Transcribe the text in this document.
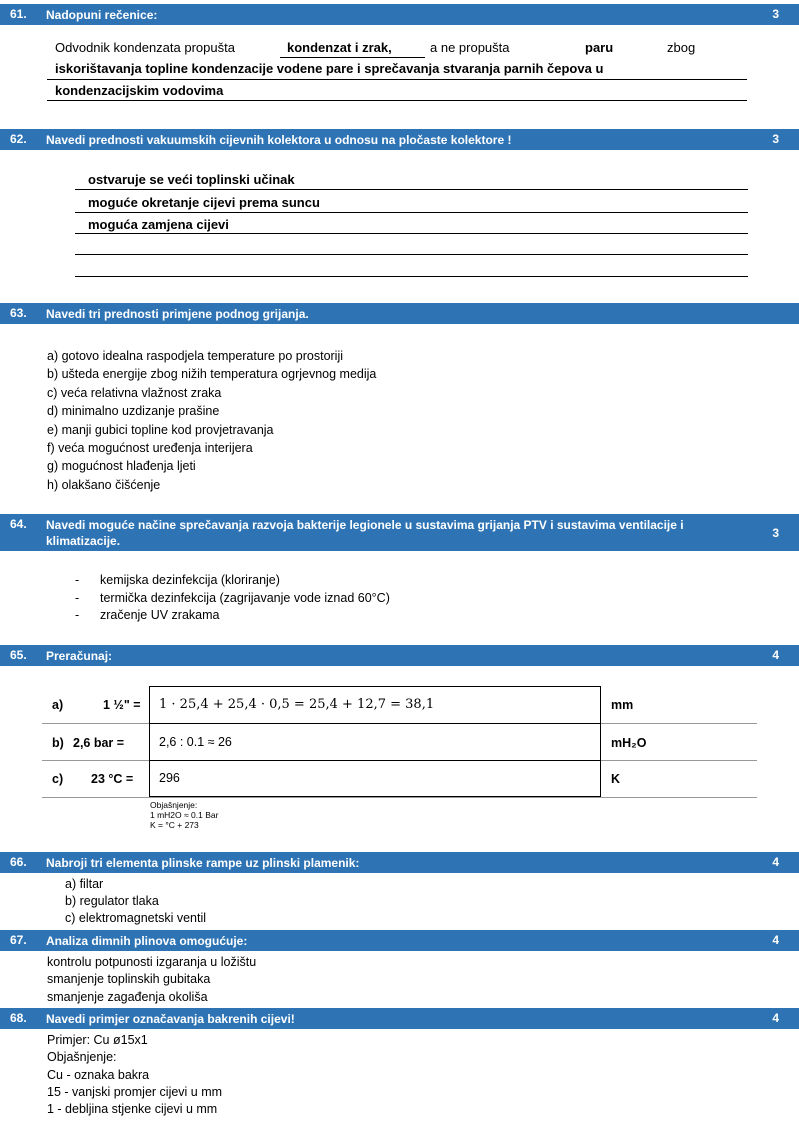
61. Nadopuni rečenice:	3
Odvodnik kondenzata propušta	kondenzat i zrak,	a ne propušta	paru	zbog
iskorištavanja topline kondenzacije vodene pare i sprečavanja stvaranja parnih čepova u
kondenzacijskim vodovima
62. Navedi prednosti vakuumskih cijevnih kolektora u odnosu na pločaste kolektore !	3
ostvaruje se veći toplinski učinak
moguće okretanje cijevi prema suncu
moguća zamjena cijevi
63. Navedi tri prednosti primjene podnog grijanja.
a) gotovo idealna raspodjela temperature po prostoriji
b) ušteda energije zbog nižih temperatura ogrjevnog medija
c) veća relativna vlažnost zraka
d) minimalno uzdizanje prašine
e) manji gubici topline kod provjetravanja
f) veća mogućnost uređenja interijera
g) mogućnost hlađenja ljeti
h) olakšano čišćenje
64. Navedi moguće načine sprečavanja razvoja bakterije legionele u sustavima grijanja PTV i sustavima ventilacije i
klimatizacije.
3
- kemijska dezinfekcija (kloriranje)
- termička dezinfekcija (zagrijavanje vode iznad 60°C)
- zračenje UV zrakama
65. Preračunaj:	4
a)	1 ½" = 1 · 25,4 + 25,4 · 0,5 = 25,4 + 12,7 = 38,1	mm
b) 2,6 bar =	2,6 : 0.1 ≈ 26	mH₂O
c) 23 °C = 296	K
Objašnjenje:
1 mH2O ≈ 0.1 Bar
K = °C + 273
66. Nabroji tri elementa plinske rampe uz plinski plamenik:	4
a) filtar
b) regulator tlaka
c) elektromagnetski ventil
67. Analiza dimnih plinova omogućuje:	4
kontrolu potpunosti izgaranja u ložištu
smanjenje toplinskih gubitaka
smanjenje zagađenja okoliša
68. Navedi primjer označavanja bakrenih cijevi!	4
Primjer: Cu ø15x1
Objašnjenje:
Cu - oznaka bakra
15 - vanjski promjer cijevi u mm
1 - debljina stjenke cijevi u mm
